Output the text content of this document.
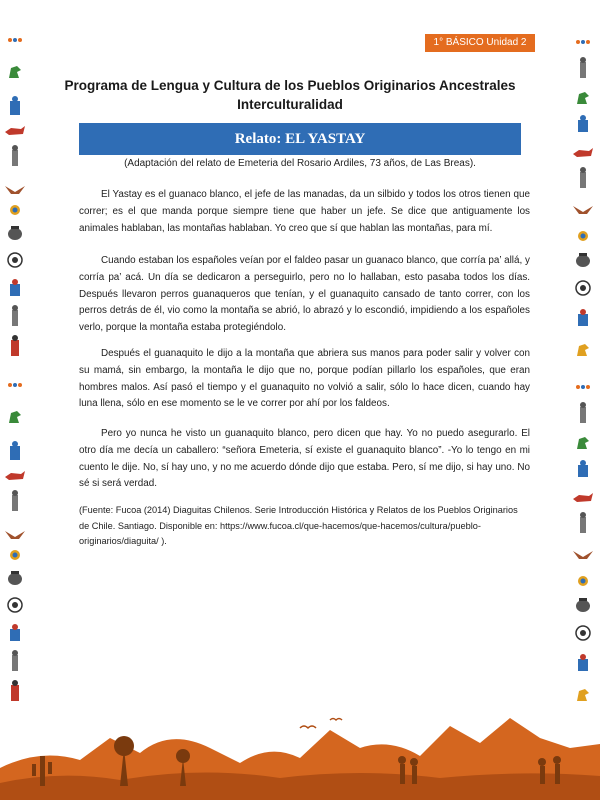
1° BÁSICO Unidad 2
Programa de Lengua y Cultura de los Pueblos Originarios Ancestrales
Interculturalidad
Relato: EL YASTAY
(Adaptación del relato de Emeteria del Rosario Ardiles, 73 años, de Las Breas).

El Yastay es el guanaco blanco, el jefe de las manadas, da un silbido y todos los otros tienen que correr; es el que manda porque siempre tiene que haber un jefe. Se dice que antiguamente los animales hablaban, las montañas hablaban. Yo creo que sí que hablan las montañas, para mí.

Cuando estaban los españoles veían por el faldeo pasar un guanaco blanco, que corría pa’ allá, y corría pa’ acá. Un día se dedicaron a perseguirlo, pero no lo hallaban, esto pasaba todos los días. Después llevaron perros guanaqueros que tenían, y el guanaquito cansado de tanto correr, con los perros detrás de él, vio como la montaña se abrió, lo abrazó y lo escondió, impidiendo a los españoles verlo, porque la montaña estaba protegiéndolo.

Después el guanaquito le dijo a la montaña que abriera sus manos para poder salir y volver con su mamá, sin embargo, la montaña le dijo que no, porque podían pillarlo los españoles, que eran hombres malos. Así pasó el tiempo y el guanaquito no volvió a salir, sólo lo hace dicen, cuando hay luna llena, sólo en ese momento se le ve correr por ahí por los faldeos.

Pero yo nunca he visto un guanaquito blanco, pero dicen que hay. Yo no puedo asegurarlo. El otro día me decía un caballero: “señora Emeteria, sí existe el guanaquito blanco”. -Yo lo tengo en mi cuento le dije. No, sí hay uno, y no me acuerdo dónde dijo que estaba. Pero, sí me dijo, si hay uno. No sé si será verdad.

(Fuente: Fucoa (2014) Diaguitas Chilenos. Serie Introducción Histórica y Relatos de los Pueblos Originarios de Chile. Santiago. Disponible en: https://www.fucoa.cl/que-hacemos/que-hacemos/cultura/pueblo-originarios/diaguita/ ).
